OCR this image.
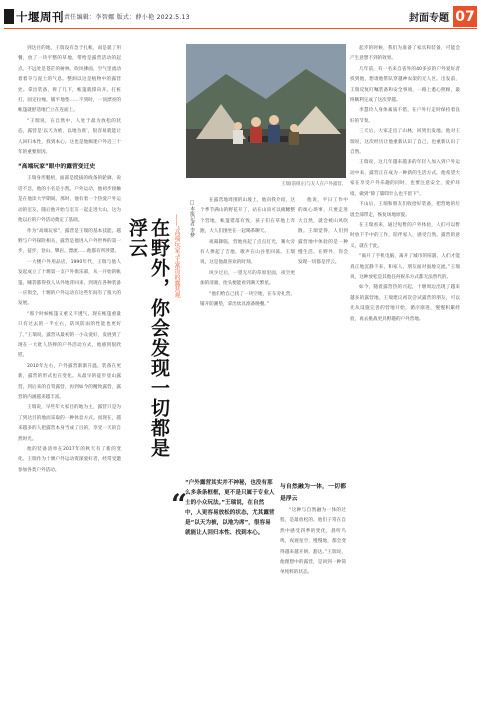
十堰周刊 责任编辑：李智娜 版式：薛小艳 2022.5.13	封面专题 07

到达目的地，王瑞没有急于扎帐，而是就了用餐，放了一块平整的草地，带给是露营活动的起点。不远处是苍茫的树林，吹风拂面，空气里流动着着夺与泥土的气息。整洞以这是植物中的露营处。拿出装备，拆了几下，帐篷就撑向开。打桩打、固定拉绳、铺平地垫……不到时，一顶漂亮的帐篷就舒适地伫立在连面上。

“王瑞说，在自然中，人处于最为放松的状态，露营是‘以天为被，以地为席’，很容易就能让人回归本性，找到本心。这也是他痴迷户外近三十年的重要原因。

“高端玩家”眼中的露营变迁史

王瑞身形魁梧，面部是挺拔的线条的轮廓，说话不急，他的小名是小凯。户外运动，他初步接触是在他读大学期间。那时，他有着一个热爱户外运动的室友，随后他开始与室友一起走进大山，这为他以后的户外活动奠定了基础。

作为“高端玩家”，露营是王瑞的基本技能。越野与户外探险相关，露营是他进入户外世界的第一步，徒步、登山、攀岩、漂流……他都有所涉猎。

一大楼户外用品店，1990年代，王瑞与他人发起成立了十堰第一支户外俱乐部，从一开始的帐篷、睡袋都得找人从外地背回来，到现在各种装备一应俱全，十堰的户外运动在这些年间有了很大的发展。

“那个时候帐篷又重又不透气，现在帐篷重量只有过去的一半左右，防风防雨的性能也更好了。”王瑞说，露营从最初的一小众爱好，发展到了现在一大批人热捧的户外活动方式，他感到很欣慰。

2010年左右，户外露营渐渐升温。装备在更新，露营的形式也在变化。从最早的徒步登山露营，到后来的自驾露营，再到如今的精致露营，露营的内涵越来越丰富。

王瑞说，早些年大家目的地为主，露营只是为了到达目的地而采取的一种休息方式。而现在，越来越多的人把露营本身当成了目的，享受一天的自然时光。

他的装备清单在2017年的秋天有了新的变化。王瑞作为十堰户外运动资深爱好者，经常受邀参加各类户外活动。

王瑞(前排左)与友人在户外露营。
□本报记者 李梦
——“高端玩家”王富贵的露营观
在野外，你会发现一切都是浮云

在露营地周围的山坡上，他向我介绍，这个季节满山的野花开了，站在山顶可以俯瞰整个营地，帐篷错落有致，孩子们在草地上奔跑，大人们围坐在一起喝茶聊天。

夜幕降临，营地亮起了点点灯光，篝火旁有人弹起了吉他，歌声在山谷里回荡。王瑞说，这是他最喜欢的时刻。

风少过后，一望无尽的草原里面，夜空更加的清澈，抬头便能看到满天繁星。

“他们给自己找了一块空地，在车旁扎营，铺开防潮垫，拿出炊具准备晚餐。”

他说，平日工作中的烦心琐事，只要走进大自然，就会被山风吹散。王瑞觉得，人们到露营地中体验的是一种慢生活。在野外，你会发现一切都是浮云。

“
“户外露营其实并不神秘，也没有那么多条条框框，更不是只属于专业人士的小众玩法。”王瑞说，在自然中，人更容易放松的状态，尤其露营是“以天为被，以地为席”，很容易就能让人回归本性、找到本心。
与自然融为一体，一切都是浮云

“这种与自然融为一体的过程，是最放松的。他们子常在自然中感受四季的变化，晨听鸟鸣，夜观星空，慢慢地，都会变得越来越开朗、豁达。”王瑞说，他理想中的露营，是回到一种简单纯粹的状态。

起步的时候，我们为准备了家具和装备，可能会产生意想不到的效果。

几年前，有一名来自省外的40多岁的户外爱好者找到他，想请他带队穿越神农架的无人区。出发前，王瑞反复叮嘱装备和安全事项，一路上悉心照顾，最终顺利完成了这次穿越。

李慧玲人身体素质不错，在户外行走时保持着良好的节奏。

三天后，大家走出了山林，回到出发地。他对王瑞说，这次经历让他重新认识了自己，也重新认识了自然。

王瑞说，这几年越来越多的年轻人加入到户外运动中来，露营正在成为一种新的生活方式。他希望大家在享受户外乐趣的同时，也要注意安全，爱护环境，做到“除了脚印什么也不留下”。

下山后，王瑞和朋友们收拾好装备，把营地的垃圾全部带走，恢复场地原貌。

在王瑞看来，通过短暂的户外体验，人们可以暂时放下手中的工作，陪伴家人，感受自然。露营的意义，就在于此。

“离开了手机电脑，离开了城市的喧嚣，人们才能真正地沉静下来，和家人、朋友面对面地交流。”王瑞说，这种放松是其他任何娱乐方式都无法替代的。

如今，随着露营热的兴起，十堰周边出现了越来越多的露营地。王瑞建议初次尝试露营的朋友，可以先从设施完善的营地开始，循序渐进，慢慢积累经验，再去挑战更具野趣的户外营地。
